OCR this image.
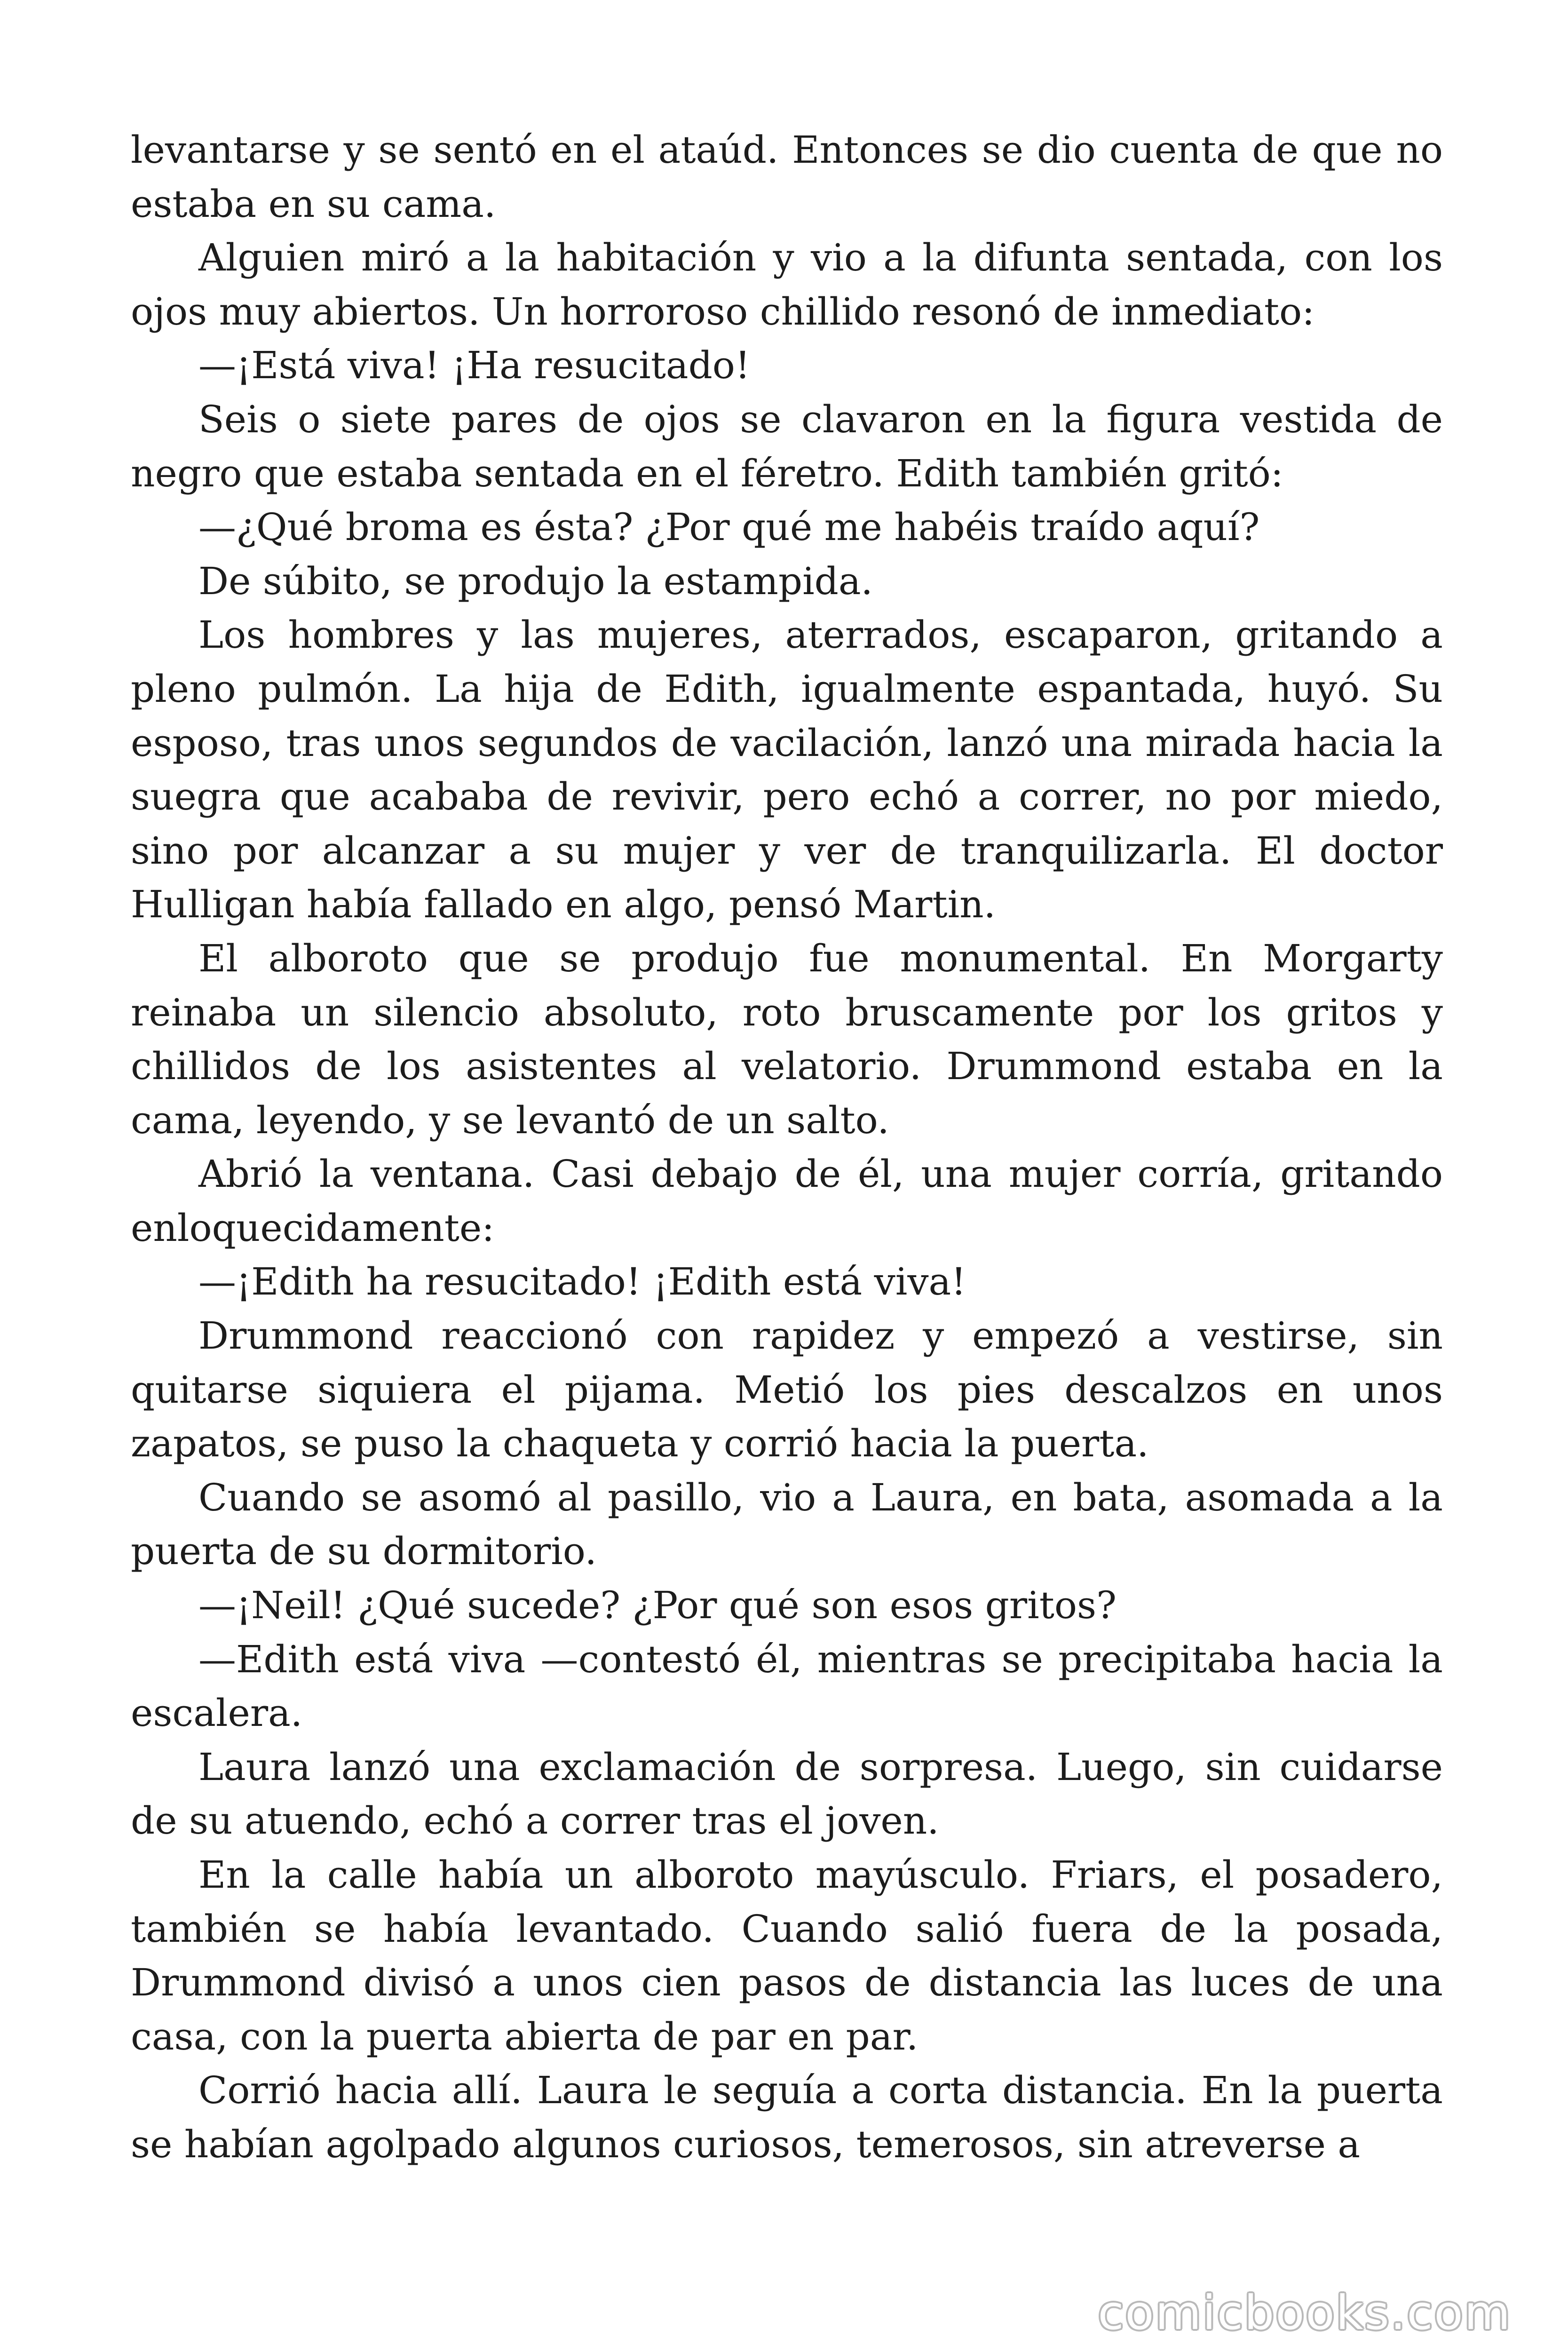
levantarse y se sentó en el ataúd. Entonces se dio cuenta de que no estaba en su cama.

Alguien miró a la habitación y vio a la difunta sentada, con los ojos muy abiertos. Un horroroso chillido resonó de inmediato:

—¡Está viva! ¡Ha resucitado!

Seis o siete pares de ojos se clavaron en la figura vestida de negro que estaba sentada en el féretro. Edith también gritó:

—¿Qué broma es ésta? ¿Por qué me habéis traído aquí?

De súbito, se produjo la estampida.

Los hombres y las mujeres, aterrados, escaparon, gritando a pleno pulmón. La hija de Edith, igualmente espantada, huyó. Su esposo, tras unos segundos de vacilación, lanzó una mirada hacia la suegra que acababa de revivir, pero echó a correr, no por miedo, sino por alcanzar a su mujer y ver de tranquilizarla. El doctor Hulligan había fallado en algo, pensó Martin.

El alboroto que se produjo fue monumental. En Morgarty reinaba un silencio absoluto, roto bruscamente por los gritos y chillidos de los asistentes al velatorio. Drummond estaba en la cama, leyendo, y se levantó de un salto.

Abrió la ventana. Casi debajo de él, una mujer corría, gritando enloquecidamente:

—¡Edith ha resucitado! ¡Edith está viva!

Drummond reaccionó con rapidez y empezó a vestirse, sin quitarse siquiera el pijama. Metió los pies descalzos en unos zapatos, se puso la chaqueta y corrió hacia la puerta.

Cuando se asomó al pasillo, vio a Laura, en bata, asomada a la puerta de su dormitorio.

—¡Neil! ¿Qué sucede? ¿Por qué son esos gritos?

—Edith está viva —contestó él, mientras se precipitaba hacia la escalera.

Laura lanzó una exclamación de sorpresa. Luego, sin cuidarse de su atuendo, echó a correr tras el joven.

En la calle había un alboroto mayúsculo. Friars, el posadero, también se había levantado. Cuando salió fuera de la posada, Drummond divisó a unos cien pasos de distancia las luces de una casa, con la puerta abierta de par en par.

Corrió hacia allí. Laura le seguía a corta distancia. En la puerta se habían agolpado algunos curiosos, temerosos, sin atreverse a

comicbooks.com
